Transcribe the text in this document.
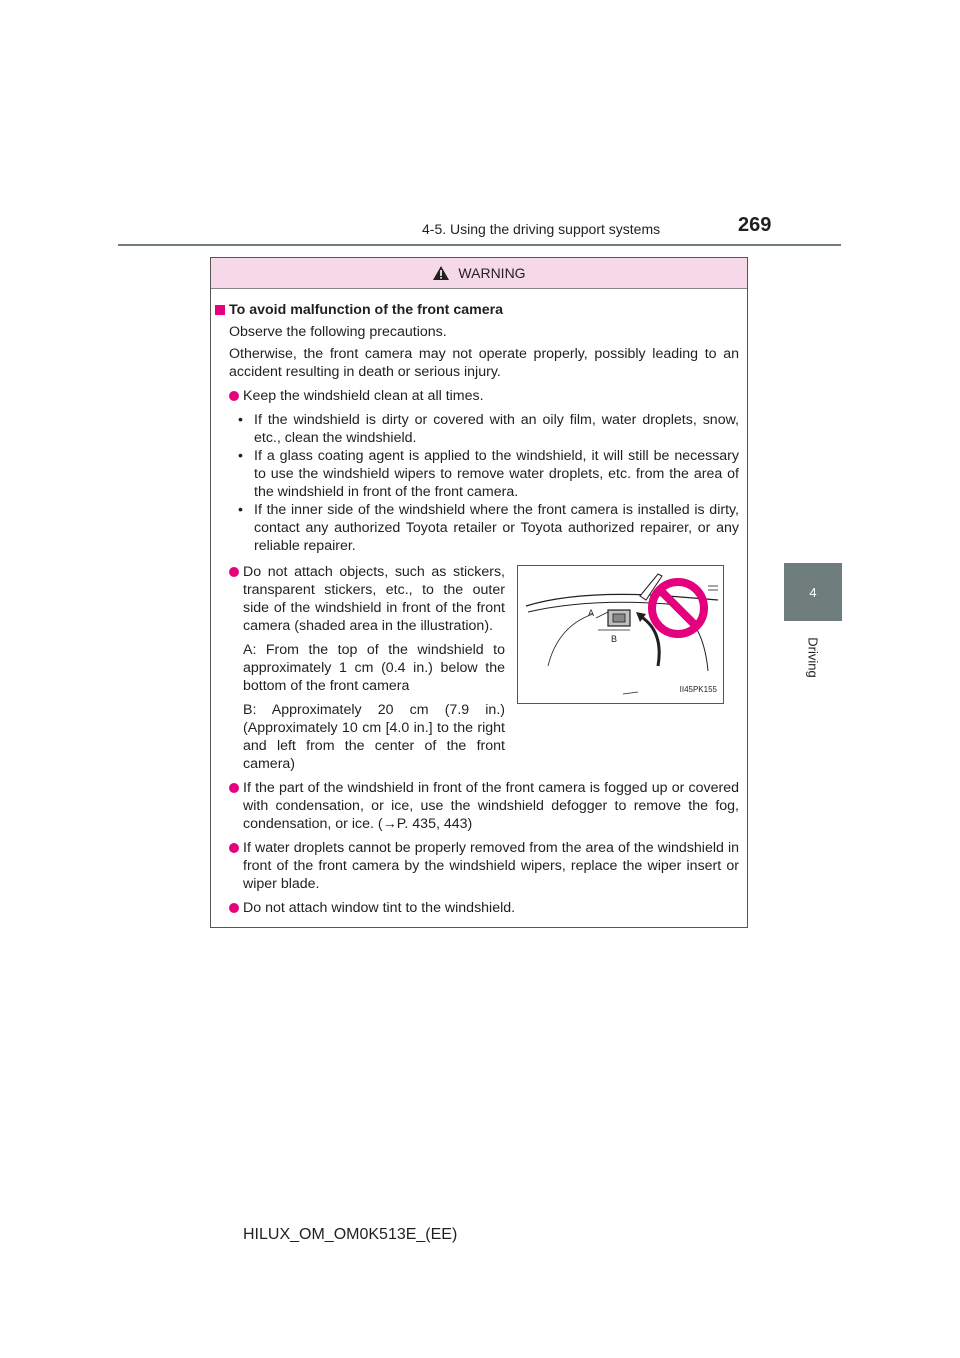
4-5. Using the driving support systems	269
4
Driving
WARNING
To avoid malfunction of the front camera

Observe the following precautions.

Otherwise, the front camera may not operate properly, possibly leading to an accident resulting in death or serious injury.

Keep the windshield clean at all times.

• If the windshield is dirty or covered with an oily film, water droplets, snow, etc., clean the windshield.

• If a glass coating agent is applied to the windshield, it will still be necessary to use the windshield wipers to remove water droplets, etc. from the area of the windshield in front of the front camera.

• If the inner side of the windshield where the front camera is installed is dirty, contact any authorized Toyota retailer or Toyota authorized repairer, or any reliable repairer.

Do not attach objects, such as stickers, transparent stickers, etc., to the outer side of the windshield in front of the front camera (shaded area in the illustration).

A: From the top of the windshield to approximately 1 cm (0.4 in.) below the bottom of the front camera

B: Approximately 20 cm (7.9 in.) (Approximately 10 cm [4.0 in.] to the right and left from the center of the front camera)

A
B
II45PK155
If the part of the windshield in front of the front camera is fogged up or covered with condensation, or ice, use the windshield defogger to remove the fog, condensation, or ice. (→P. 435, 443)
If water droplets cannot be properly removed from the area of the windshield in front of the front camera by the windshield wipers, replace the wiper insert or wiper blade.
Do not attach window tint to the windshield.
HILUX_OM_OM0K513E_(EE)
